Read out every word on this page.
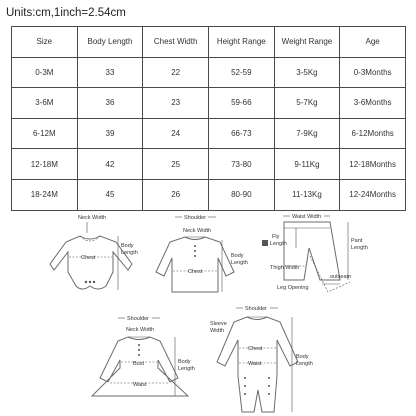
Units:cm,1inch=2.54cm
Size	Body Length	Chest Width	Height Range	Weight Range	Age
0-3M	33	22	52-59	3-5Kg	0-3Months
3-6M	36	23	59-66	5-7Kg	3-6Months
6-12M	39	24	66-73	7-9Kg	6-12Months
12-18M	42	25	73-80	9-11Kg	12-18Months
18-24M	45	26	80-90	11-13Kg	12-24Months
Neck Width
Chest
Body
Length
Shoulder
Neck Width
Chest
Body
Length
Waist Width
Fly
Length
Thigh Width
Leg Opening
outseam
Pant
Length
Shoulder
Neck Width
Bust
Waist
Body
Length
Shoulder
Sleeve
Width
Chest
Waist
Body
Length
